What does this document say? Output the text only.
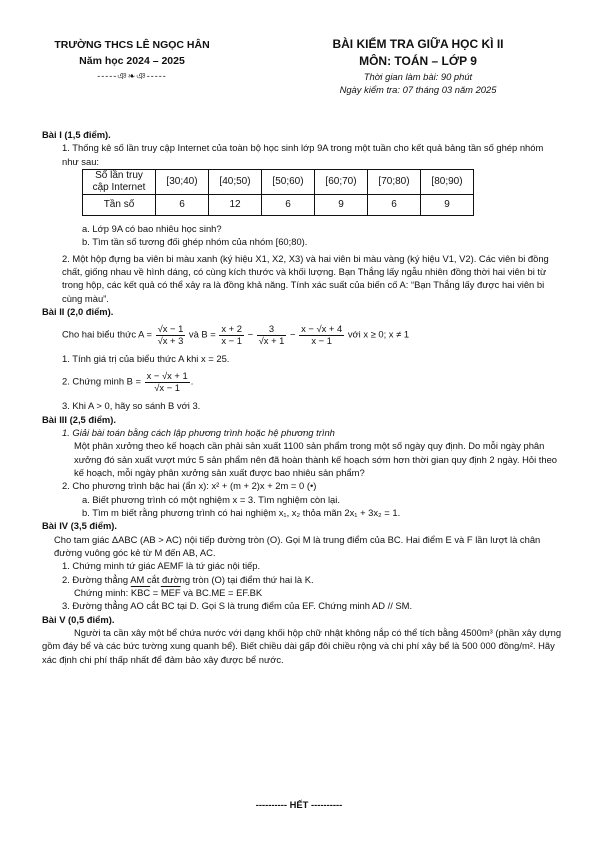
TRƯỜNG THCS LÊ NGỌC HÂN
Năm học 2024 – 2025
-----ঞ❧ঞ-----
BÀI KIỂM TRA GIỮA HỌC KÌ II
MÔN: TOÁN – LỚP 9
Thời gian làm bài: 90 phút
Ngày kiểm tra: 07 tháng 03 năm 2025
Bài I (1,5 điểm).

1. Thống kê số lần truy cập Internet của toàn bộ học sinh lớp 9A trong một tuần cho kết quả bảng tần số ghép nhóm như sau:

Số lần truy cập Internet	[30;40)	[40;50)	[50;60)	[60;70)	[70;80)	[80;90)
Tần số	6	12	6	9	6	9

a. Lớp 9A có bao nhiêu học sinh?

b. Tìm tần số tương đối ghép nhóm của nhóm [60;80).

2. Một hộp đựng ba viên bi màu xanh (ký hiệu X1, X2, X3) và hai viên bi màu vàng (ký hiệu V1, V2). Các viên bi đồng chất, giống nhau về hình dáng, có cùng kích thước và khối lượng. Bạn Thắng lấy ngẫu nhiên đồng thời hai viên bi từ trong hộp, các kết quả có thể xảy ra là đồng khả năng. Tính xác suất của biến cố A: “Bạn Thắng lấy được hai viên bi cùng màu”.

Bài II (2,0 điểm).
Cho hai biểu thức $A = \frac{√x - 1}{√x + 3}$ và $B = \frac{x + 2}{x - 1} - \frac{3}{√x + 1} - \frac{x - √x + 4}{x - 1}$ với x ≥ 0; x ≠ 1

1. Tính giá trị của biểu thức A khi x = 25.

2. Chứng minh $B = \frac{x - √x + 1}{√x - 1}$ .

3. Khi A > 0, hãy so sánh B với 3.

Bài III (2,5 điểm).

1. Giải bài toán bằng cách lập phương trình hoặc hệ phương trình

Một phân xưởng theo kế hoạch cần phải sản xuất 1100 sản phẩm trong một số ngày quy định. Do mỗi ngày phân xưởng đó sản xuất vượt mức 5 sản phẩm nên đã hoàn thành kế hoạch sớm hơn thời gian quy định 2 ngày. Hỏi theo kế hoạch, mỗi ngày phân xưởng sản xuất được bao nhiêu sản phẩm?

2. Cho phương trình bậc hai (ẩn x): x² + (m + 2)x + 2m = 0 (•)

a. Biết phương trình có một nghiệm x = 3. Tìm nghiệm còn lại.

b. Tìm m biết rằng phương trình có hai nghiệm x₁, x₂ thỏa mãn 2x₁ + 3x₂ = 1.

Bài IV (3,5 điểm).

Cho tam giác ΔABC (AB > AC) nội tiếp đường tròn (O). Gọi M là trung điểm của BC. Hai điểm E và F lần lượt là chân đường vuông góc kẻ từ M đến AB, AC.

1. Chứng minh tứ giác AEMF là tứ giác nội tiếp.

2. Đường thẳng AM cắt đường tròn (O) tại điểm thứ hai là K.

Chứng minh: $\overline{KBC} = \overline{MEF}$ và BC.ME = EF.BK

3. Đường thẳng AO cắt BC tại D. Gọi S là trung điểm của EF. Chứng minh AD // SM.

Bài V (0,5 điểm).

Người ta cần xây một bể chứa nước với dạng khối hộp chữ nhật không nắp có thể tích bằng 4500m³ (phần xây dựng gồm đáy bể và các bức tường xung quanh bể). Biết chiều dài gấp đôi chiều rộng và chi phí xây bể là 500 000 đồng/m². Hãy xác định chi phí thấp nhất để đảm bảo xây được bể nước.

---------- HẾT ----------
